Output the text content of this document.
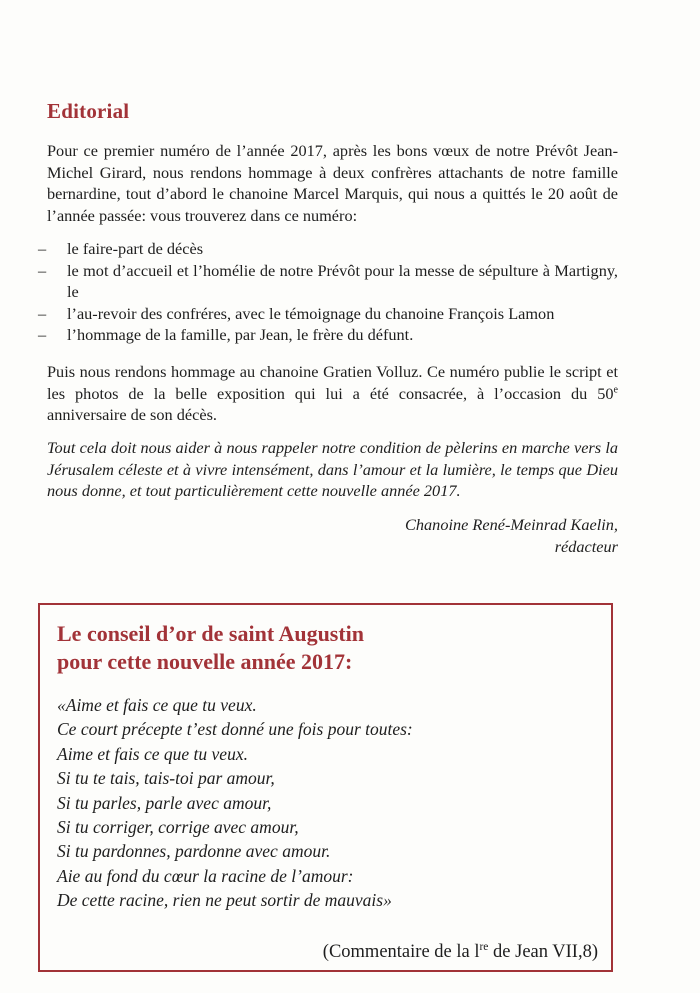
Editorial

Pour ce premier numéro de l’année 2017, après les bons vœux de notre Prévôt Jean-Michel Girard, nous rendons hommage à deux confrères attachants de notre famille bernardine, tout d’abord le chanoine Marcel Marquis, qui nous a quittés le 20 août de l’année passée: vous trouverez dans ce numéro:

– le faire-part de décès
– le mot d’accueil et l’homélie de notre Prévôt pour la messe de sépulture à Martigny, le
– l’au-revoir des confréres, avec le témoignage du chanoine François Lamon
– l’hommage de la famille, par Jean, le frère du défunt.

Puis nous rendons hommage au chanoine Gratien Volluz. Ce numéro publie le script et les photos de la belle exposition qui lui a été consacrée, à l’occasion du 50e anniversaire de son décès.

Tout cela doit nous aider à nous rappeler notre condition de pèlerins en marche vers la Jérusalem céleste et à vivre intensément, dans l’amour et la lumière, le temps que Dieu nous donne, et tout particulièrement cette nouvelle année 2017.

Chanoine René-Meinrad Kaelin,
rédacteur
Le conseil d’or de saint Augustin
pour cette nouvelle année 2017:
«Aime et fais ce que tu veux.
Ce court précepte t’est donné une fois pour toutes:
Aime et fais ce que tu veux.
Si tu te tais, tais-toi par amour,
Si tu parles, parle avec amour,
Si tu corriger, corrige avec amour,
Si tu pardonnes, pardonne avec amour.
Aie au fond du cœur la racine de l’amour:
De cette racine, rien ne peut sortir de mauvais»

(Commentaire de la $l^{re}$ de Jean VII,8)
